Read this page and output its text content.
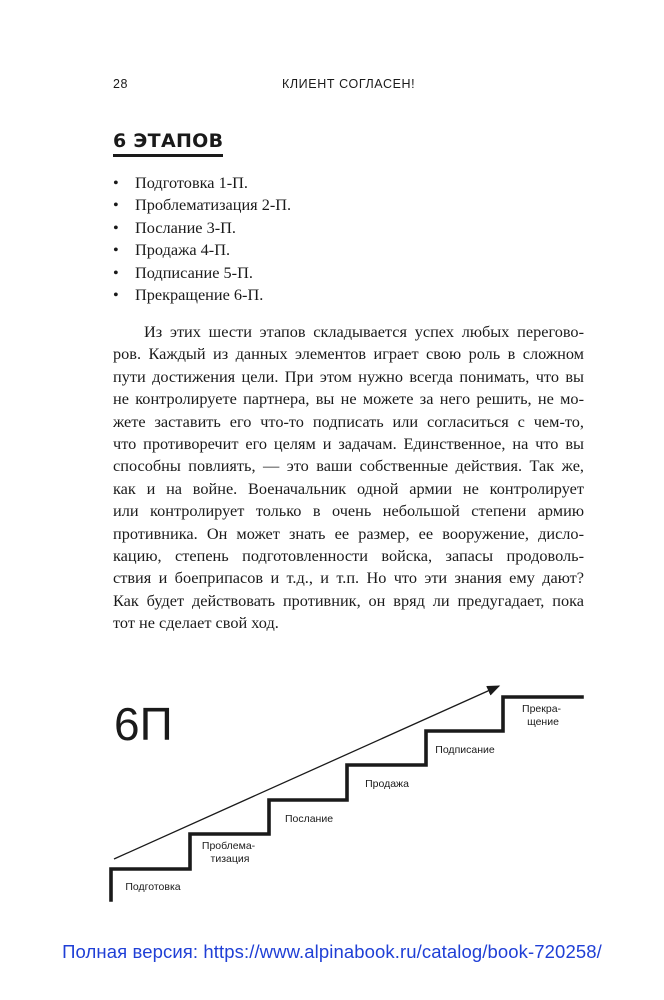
28	КЛИЕНТ СОГЛАСЕН!
6 ЭТАПОВ
• Подготовка 1-П.
• Проблематизация 2-П.
• Послание 3-П.
• Продажа 4-П.
• Подписание 5-П.
• Прекращение 6-П.
Из этих шести этапов складывается успех любых перегово-
ров. Каждый из данных элементов играет свою роль в сложном
пути достижения цели. При этом нужно всегда понимать, что вы
не контролируете партнера, вы не можете за него решить, не мо-
жете заставить его что-то подписать или согласиться с чем-то,
что противоречит его целям и задачам. Единственное, на что вы
способны повлиять, — это ваши собственные действия. Так же,
как и на войне. Военачальник одной армии не контролирует
или контролирует только в очень небольшой степени армию
противника. Он может знать ее размер, ее вооружение, дисло-
кацию, степень подготовленности войска, запасы продоволь-
ствия и боеприпасов и т.д., и т.п. Но что эти знания ему дают?
Как будет действовать противник, он вряд ли предугадает, пока
тот не сделает свой ход.
6П
Подготовка
Проблема- тизация
Послание
Продажа
Подписание
Прекра- щение
Полная версия: https://www.alpinabook.ru/catalog/book-720258/
